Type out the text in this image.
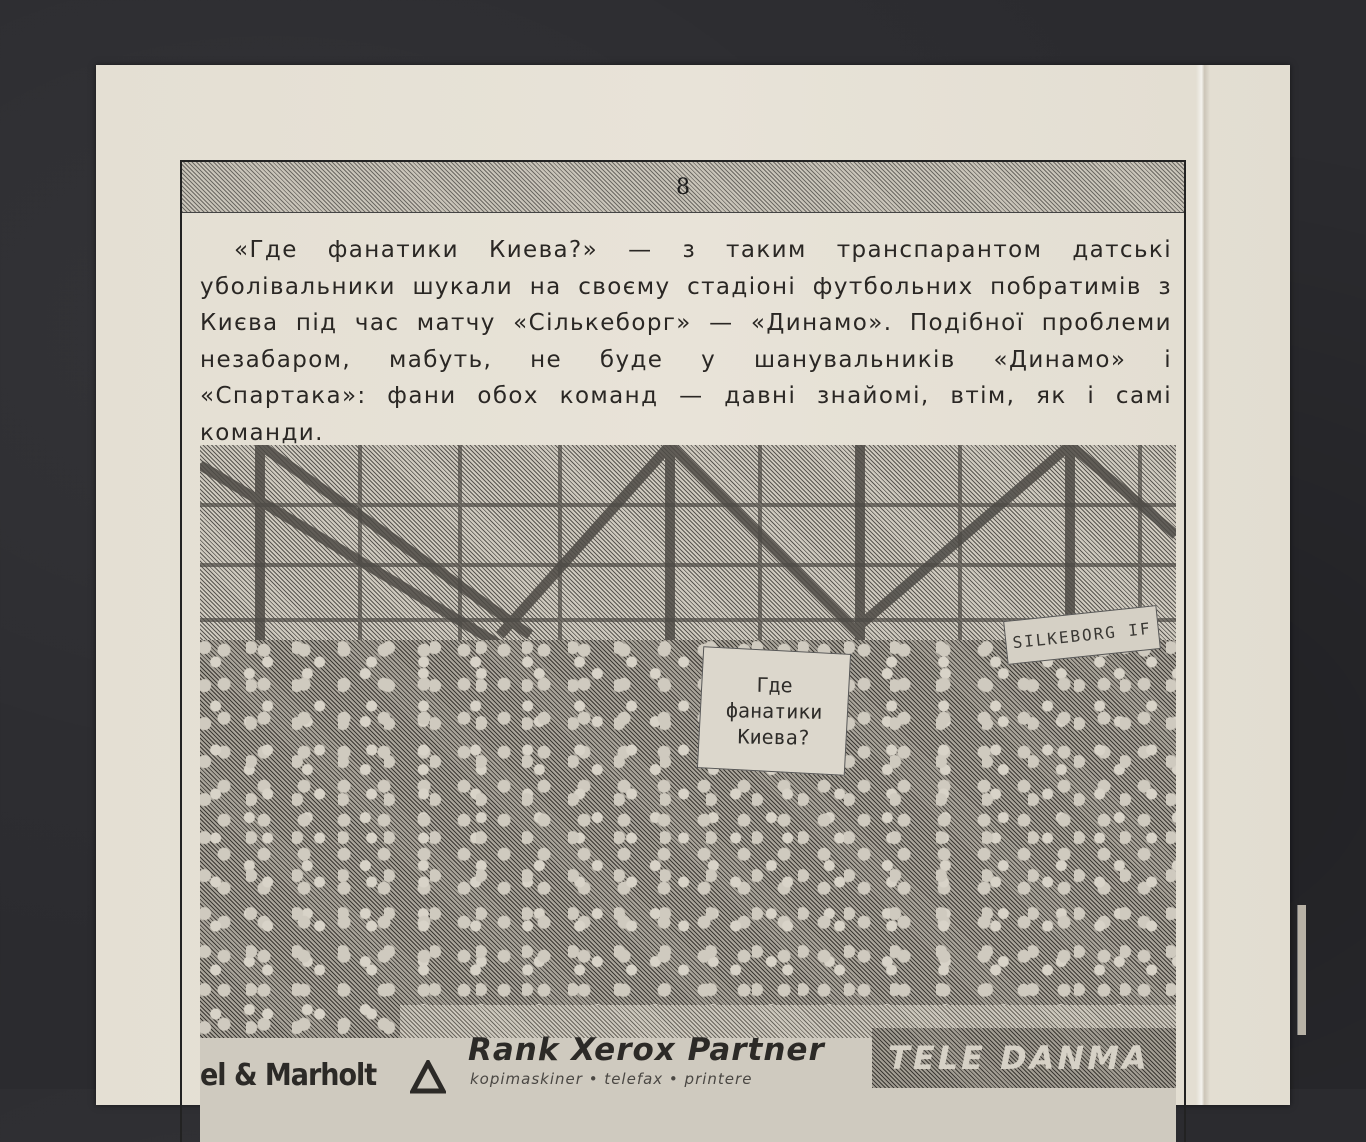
8

«Где фанатики Киева?» — з таким транспарантом датські уболівальники шукали на своєму стадіоні футбольних побратимів з Києва під час матчу «Сількеборг» — «Динамо». Подібної проблеми незабаром, мабуть, не буде у шанувальників «Динамо» і «Спартака»: фани обох команд — давні знайомі, втім, як і самі команди.

Где
фанатики
Киева?
SILKEBORG IF
el & Marholt
Rank Xerox Partner
kopimaskiner • telefax • printere
TELE DANMA
